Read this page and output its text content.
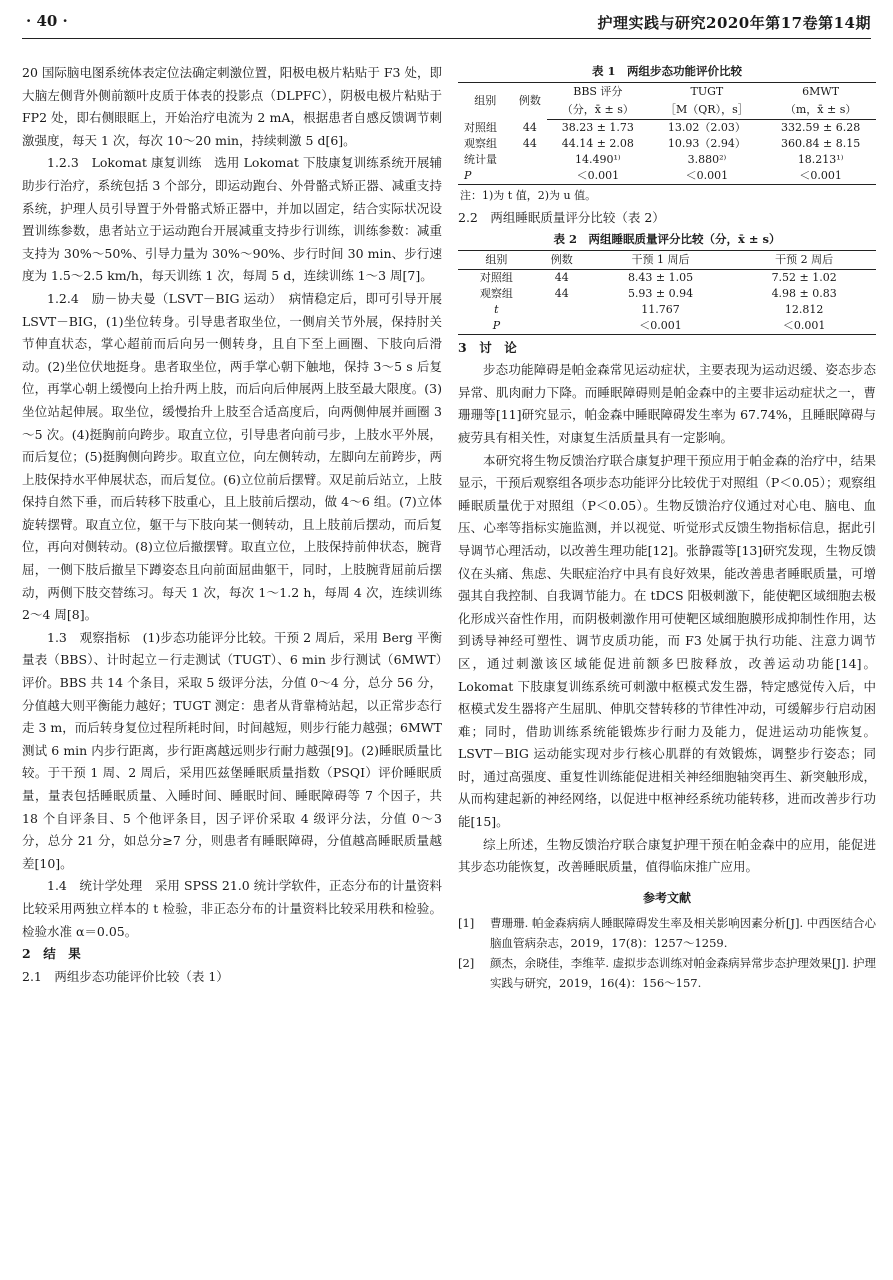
· 40 ·	护理实践与研究2020年第17卷第14期

20 国际脑电图系统体表定位法确定刺激位置，阳极电极片粘贴于 F3 处，即大脑左侧背外侧前额叶皮质于体表的投影点（DLPFC），阴极电极片粘贴于 FP2 处，即右侧眼眶上，开始治疗电流为 2 mA，根据患者自感反馈调节刺激强度，每天 1 次，每次 10～20 min，持续刺激 5 d[6]。

1.2.3　Lokomat 康复训练　选用 Lokomat 下肢康复训练系统开展辅助步行治疗，系统包括 3 个部分，即运动跑台、外骨骼式矫正器、减重支持系统，护理人员引导置于外骨骼式矫正器中，并加以固定，结合实际状况设置训练参数，患者站立于运动跑台开展减重支持步行训练，训练参数：减重支持为 30%～50%、引导力量为 30%～90%、步行时间 30 min、步行速度为 1.5～2.5 km/h，每天训练 1 次，每周 5 d，连续训练 1～3 周[7]。

1.2.4　励－协夫曼（LSVT－BIG 运动）　病情稳定后，即可引导开展 LSVT－BIG，(1)坐位转身。引导患者取坐位，一侧肩关节外展，保持肘关节伸直状态，掌心超前而后向另一侧转身，且自下至上画圈、下肢向后滑动。(2)坐位伏地挺身。患者取坐位，两手掌心朝下触地，保持 3～5 s 后复位，再掌心朝上缓慢向上抬升两上肢，而后向后伸展两上肢至最大限度。(3)坐位站起伸展。取坐位，缓慢抬升上肢至合适高度后，向两侧伸展并画圈 3～5 次。(4)挺胸前向跨步。取直立位，引导患者向前弓步，上肢水平外展，而后复位；(5)挺胸侧向跨步。取直立位，向左侧转动，左脚向左前跨步，两上肢保持水平伸展状态，而后复位。(6)立位前后摆臂。双足前后站立，上肢保持自然下垂，而后转移下肢重心，且上肢前后摆动，做 4～6 组。(7)立体旋转摆臂。取直立位，躯干与下肢向某一侧转动，且上肢前后摆动，而后复位，再向对侧转动。(8)立位后撤摆臂。取直立位，上肢保持前伸状态，腕背屈，一侧下肢后撤呈下蹲姿态且向前面屈曲躯干，同时，上肢腕背屈前后摆动，两侧下肢交替练习。每天 1 次，每次 1～1.2 h，每周 4 次，连续训练 2～4 周[8]。

1.3　观察指标　(1)步态功能评分比较。干预 2 周后，采用 Berg 平衡量表（BBS）、计时起立－行走测试（TUGT）、6 min 步行测试（6MWT）评价。BBS 共 14 个条目，采取 5 级评分法，分值 0～4 分，总分 56 分，分值越大则平衡能力越好；TUGT 测定：患者从背靠椅站起，以正常步态行走 3 m，而后转身复位过程所耗时间，时间越短，则步行能力越强；6MWT 测试 6 min 内步行距离，步行距离越远则步行耐力越强[9]。(2)睡眠质量比较。于干预 1 周、2 周后，采用匹兹堡睡眠质量指数（PSQI）评价睡眠质量，量表包括睡眠质量、入睡时间、睡眠时间、睡眠障碍等 7 个因子，共 18 个自评条目、5 个他评条目，因子评价采取 4 级评分法，分值 0～3 分，总分 21 分，如总分≥7 分，则患者有睡眠障碍，分值越高睡眠质量越差[10]。

1.4　统计学处理　采用 SPSS 21.0 统计学软件，正态分布的计量资料比较采用两独立样本的 t 检验，非正态分布的计量资料比较采用秩和检验。检验水准 α＝0.05。

2　结　果
2.1　两组步态功能评价比较（表 1）
表 1　两组步态功能评价比较
组别	例数	BBS 评分	TUGT	6MWT
		（分，x̄ ± s）	［M（QR），s］	（m，x̄ ± s）
对照组	44	38.23 ± 1.73	13.02（2.03）	332.59 ± 6.28
观察组	44	44.14 ± 2.08	10.93（2.94）	360.84 ± 8.15
统计量		14.490¹⁾	3.880²⁾	18.213¹⁾
P		＜0.001	＜0.001	＜0.001
注：1)为 t 值，2)为 u 值。
2.2　两组睡眠质量评分比较（表 2）
表 2　两组睡眠质量评分比较（分，x̄ ± s）
组别	例数	干预 1 周后	干预 2 周后
对照组	44	8.43 ± 1.05	7.52 ± 1.02
观察组	44	5.93 ± 0.94	4.98 ± 0.83
t		11.767	12.812
P		＜0.001	＜0.001
3　讨　论

步态功能障碍是帕金森常见运动症状，主要表现为运动迟缓、姿态步态异常、肌肉耐力下降。而睡眠障碍则是帕金森中的主要非运动症状之一，曹珊珊等[11]研究显示，帕金森中睡眠障碍发生率为 67.74%，且睡眠障碍与疲劳具有相关性，对康复生活质量具有一定影响。

本研究将生物反馈治疗联合康复护理干预应用于帕金森的治疗中，结果显示，干预后观察组各项步态功能评分比较优于对照组（P＜0.05）；观察组睡眠质量优于对照组（P＜0.05）。生物反馈治疗仪通过对心电、脑电、血压、心率等指标实施监测，并以视觉、听觉形式反馈生物指标信息，据此引导调节心理活动，以改善生理功能[12]。张静霞等[13]研究发现，生物反馈仪在头痛、焦虑、失眠症治疗中具有良好效果，能改善患者睡眠质量，可增强其自我控制、自我调节能力。在 tDCS 阳极刺激下，能使靶区域细胞去极化形成兴奋性作用，而阴极刺激作用可使靶区域细胞膜形成抑制性作用，达到诱导神经可塑性、调节皮质功能，而 F3 处属于执行功能、注意力调节区，通过刺激该区域能促进前额多巴胺释放，改善运动功能[14]。Lokomat 下肢康复训练系统可刺激中枢模式发生器，特定感觉传入后，中枢模式发生器将产生屈肌、伸肌交替转移的节律性冲动，可缓解步行启动困难；同时，借助训练系统能锻炼步行耐力及能力，促进运动功能恢复。LSVT－BIG 运动能实现对步行核心肌群的有效锻炼，调整步行姿态；同时，通过高强度、重复性训练能促进相关神经细胞轴突再生、新突触形成，从而构建起新的神经网络，以促进中枢神经系统功能转移，进而改善步行功能[15]。

综上所述，生物反馈治疗联合康复护理干预在帕金森中的应用，能促进其步态功能恢复，改善睡眠质量，值得临床推广应用。

参考文献
[1]	曹珊珊. 帕金森病病人睡眠障碍发生率及相关影响因素分析[J]. 中西医结合心脑血管病杂志，2019，17(8)：1257～1259.
[2]	颜杰，余晓佳，李维苹. 虚拟步态训练对帕金森病异常步态护理效果[J]. 护理实践与研究，2019，16(4)：156～157.
